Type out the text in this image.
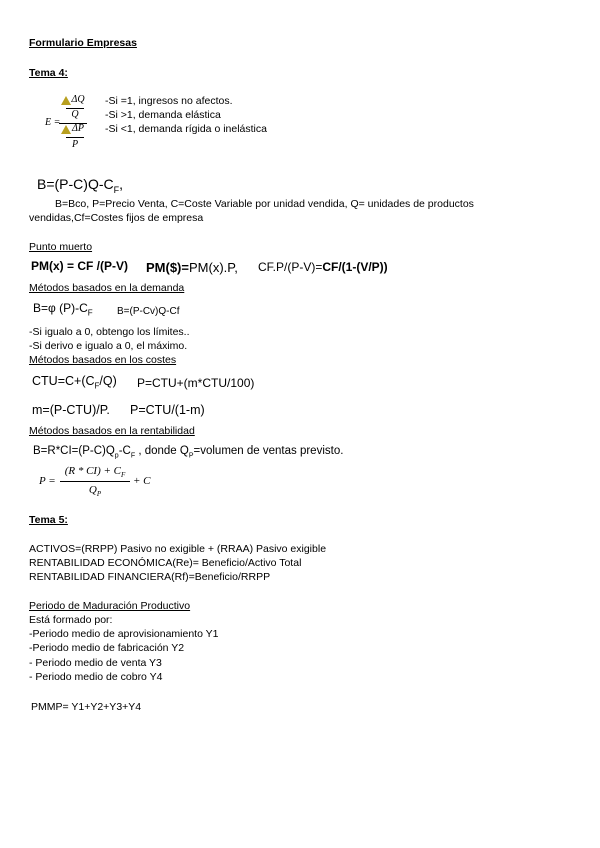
Formulario Empresas
Tema 4:
E =
ΔQ
Q
ΔP
P
-Si =1, ingresos no afectos.
-Si >1, demanda elástica
-Si <1, demanda rígida o inelástica
$B=(P-C)Q-C_F$,
B=Bco, P=Precio Venta, C=Coste Variable por unidad vendida, Q= unidades de productos
vendidas,Cf=Costes fijos de empresa
Punto muerto
PM(x) = CF /(P-V) PM($)=PM(x).P, CF.P/(P-V)=CF/(1-(V/P))
Métodos basados en la demanda
B=φ $(P)-C_F$ B=(P-Cv)Q-Cf
-Si igualo a 0, obtengo los límites..
-Si derivo e igualo a 0, el máximo.
Métodos basados en los costes
$CTU=C+(C_F/Q)$ P=CTU+(m*CTU/100)
m=(P-CTU)/P. P=CTU/(1-m)
Métodos basados en la rentabilidad
$B=R*CI=(P-C)Q_p-C_F$ , donde $Q_P=volumen$ de ventas previsto.
P =
$(R * CI) + C_F$
$Q_P$
+ C
Tema 5:
ACTIVOS=(RRPP) Pasivo no exigible + (RRAA) Pasivo exigible
RENTABILIDAD ECONÓMICA(Re)= Beneficio/Activo Total
RENTABILIDAD FINANCIERA(Rf)=Beneficio/RRPP
Periodo de Maduración Productivo
Está formado por:
-Periodo medio de aprovisionamiento Y1
-Periodo medio de fabricación Y2
- Periodo medio de venta Y3
- Periodo medio de cobro Y4
PMMP= Y1+Y2+Y3+Y4
